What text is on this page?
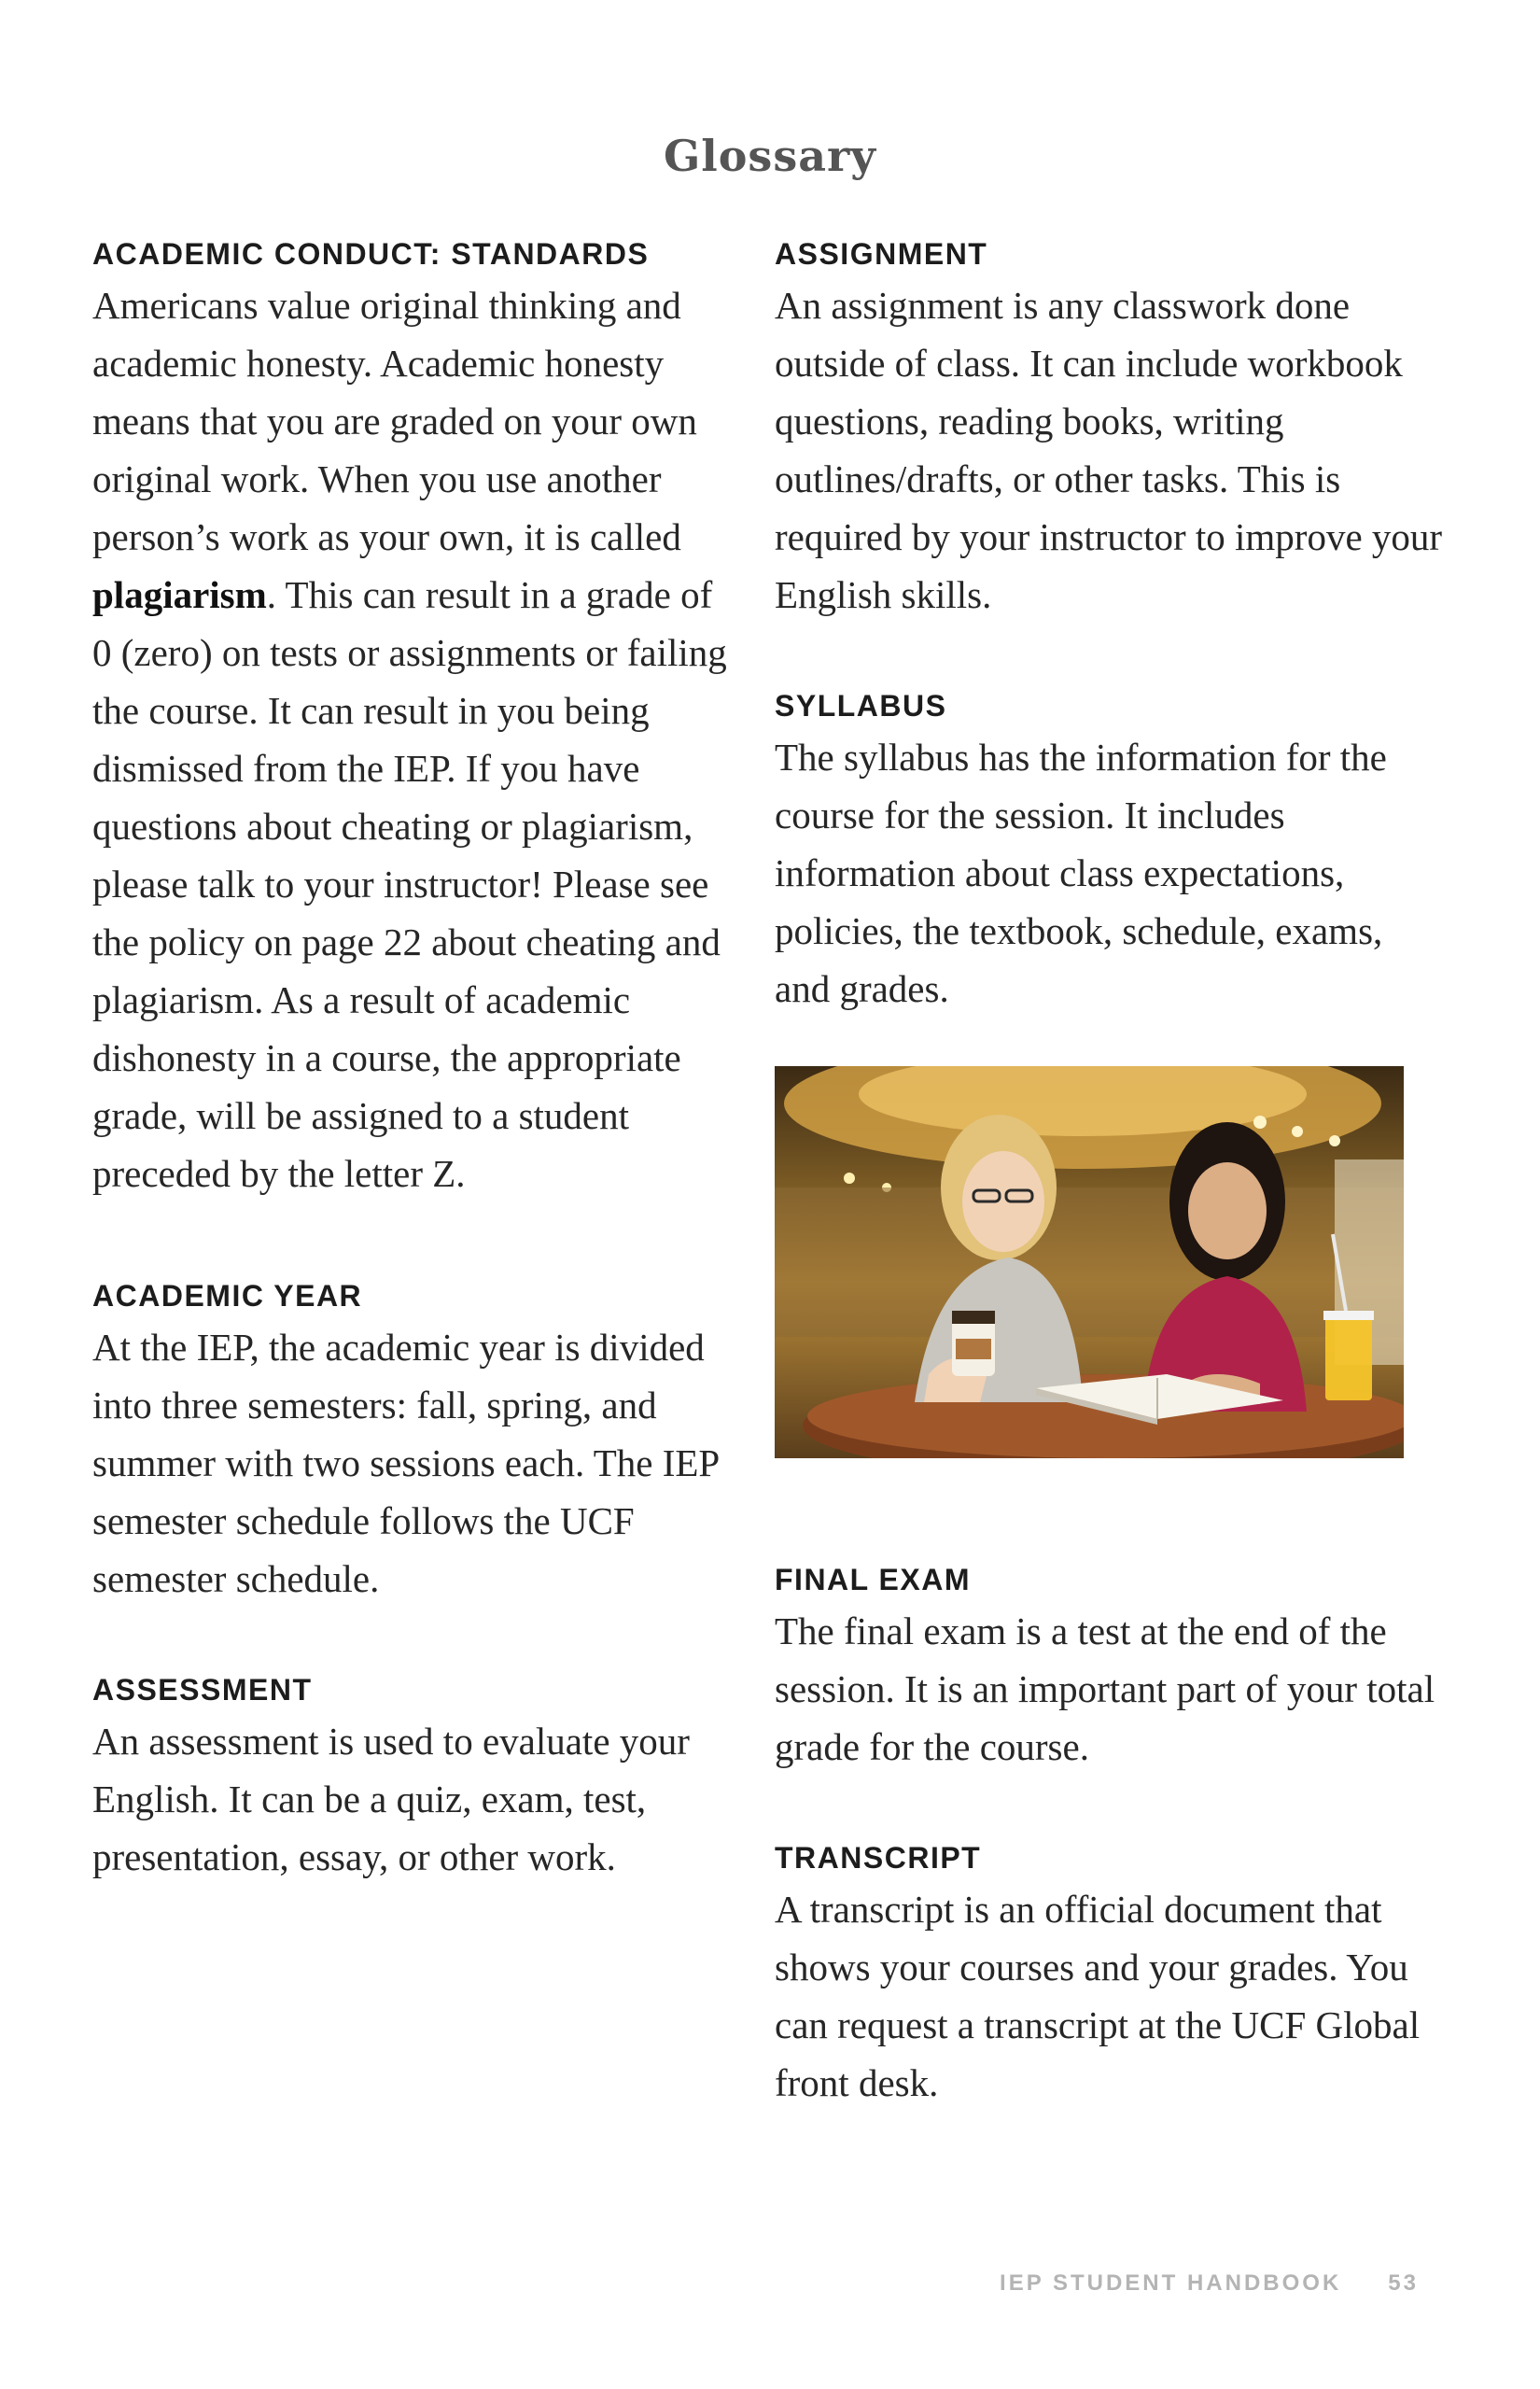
Glossary

ACADEMIC CONDUCT: STANDARDS

Americans value original thinking and academic honesty. Academic honesty means that you are graded on your own original work. When you use another person’s work as your own, it is called plagiarism. This can result in a grade of 0 (zero) on tests or assignments or failing the course. It can result in you being dismissed from the IEP. If you have questions about cheating or plagiarism, please talk to your instructor! Please see the policy on page 22 about cheating and plagiarism. As a result of academic dishonesty in a course, the appropriate grade, will be assigned to a student preceded by the letter Z.

ACADEMIC YEAR

At the IEP, the academic year is divided into three semesters: fall, spring, and summer with two sessions each. The IEP semester schedule follows the UCF semester schedule.

ASSESSMENT

An assessment is used to evaluate your English. It can be a quiz, exam, test, presentation, essay, or other work.

ASSIGNMENT

An assignment is any classwork done outside of class. It can include workbook questions, reading books, writing outlines/drafts, or other tasks. This is required by your instructor to improve your English skills.

SYLLABUS

The syllabus has the information for the course for the session. It includes information about class expectations, policies, the textbook, schedule, exams, and grades.

FINAL EXAM

The final exam is a test at the end of the session. It is an important part of your total grade for the course.

TRANSCRIPT

A transcript is an official document that shows your courses and your grades. You can request a transcript at the UCF Global front desk.

IEP STUDENT HANDBOOK 53
